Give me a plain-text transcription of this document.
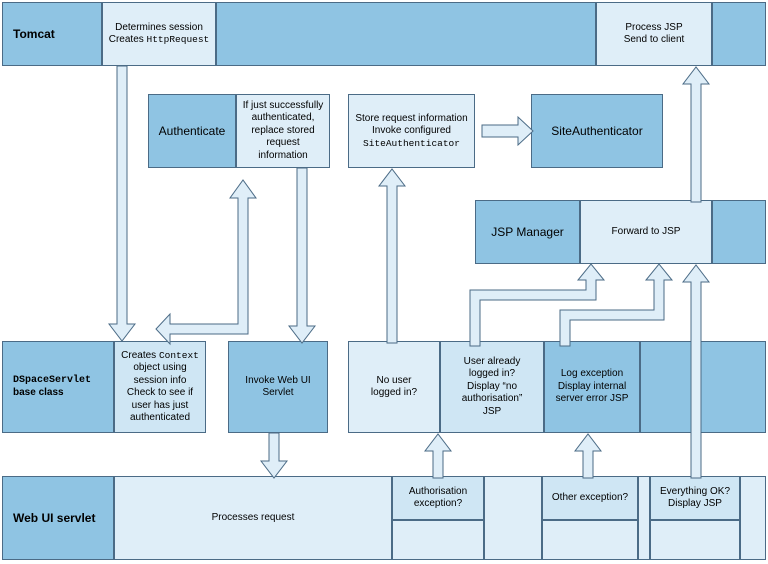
Tomcat	Determines session
Creates HttpRequest
Process JSP
Send to client
Authenticate
If just successfully
authenticated,
replace stored
request information
Store request information
Invoke configured
SiteAuthenticator
SiteAuthenticator
JSP Manager	Forward to JSP
DSpaceServlet
base class
Creates Context
object using
session info
Check to see if
user has just
authenticated
Invoke Web UI
Servlet
No user
logged in?
User already
logged in?
Display “no
authorisation”
JSP
Log exception
Display internal
server error JSP
Web UI servlet	Processes request
Authorisation
exception?
Other exception?
Everything OK?
Display JSP
